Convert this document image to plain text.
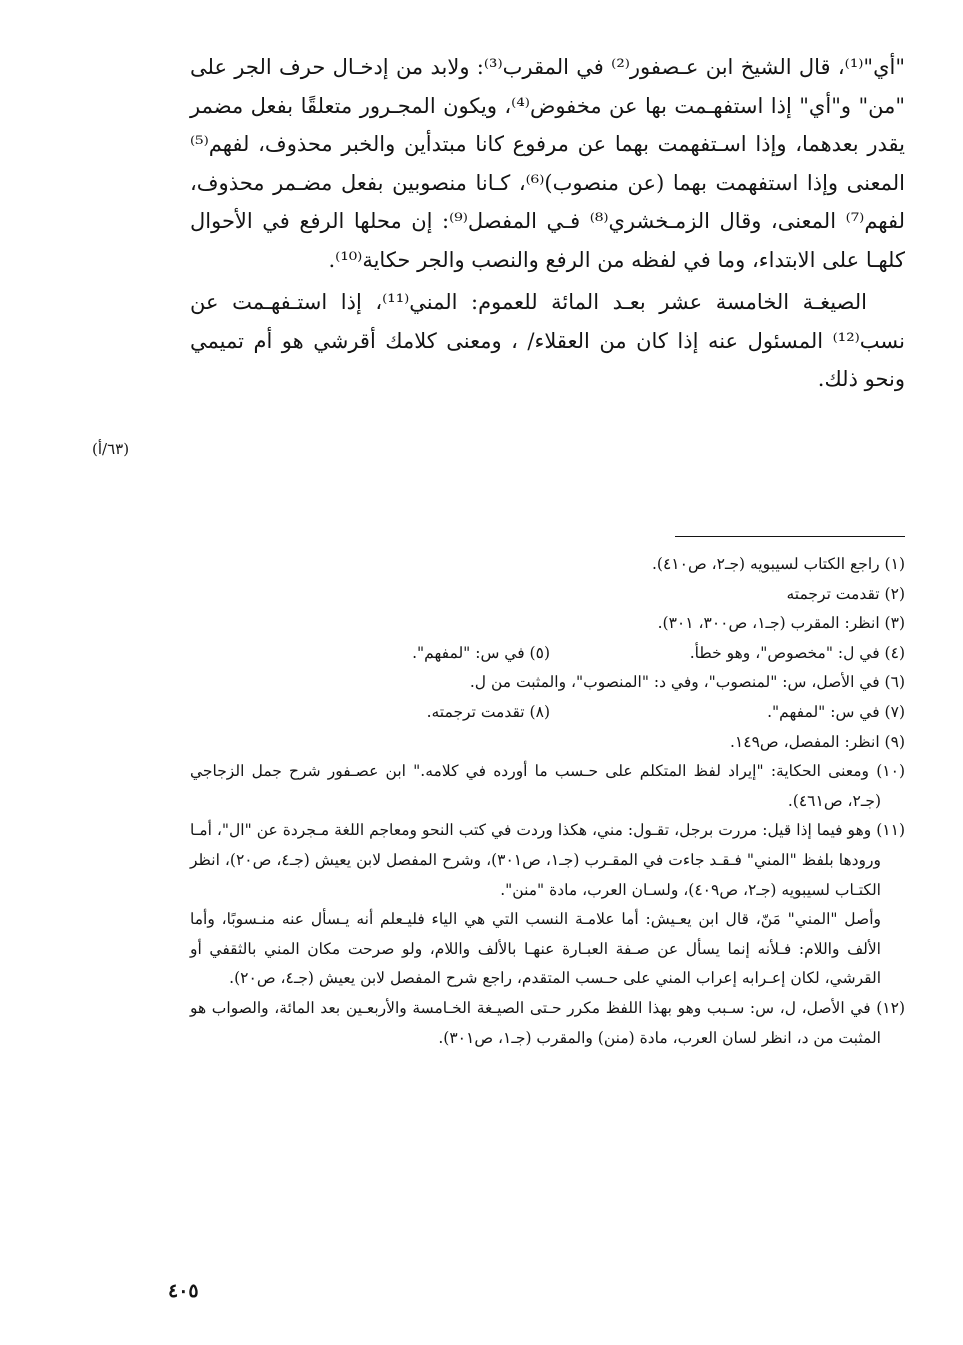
"أي"⁽¹⁾، قال الشيخ ابن عـصفور⁽²⁾ في المقرب⁽³⁾: ولابد من إدخـال حرف الجر على "من" و"أي" إذا استفهـمت بها عن مخفوض⁽⁴⁾، ويكون المجـرور متعلقًا بفعل مضمر يقدر بعدهما، وإذا اسـتفهمت بهما عن مرفوع كانا مبتدأين والخبر محذوف، لفهم⁽⁵⁾ المعنى وإذا استفهمت بهما (عن منصوب)⁽⁶⁾، كـانا منصوبين بفعل مضـمر محذوف، لفهم⁽⁷⁾ المعنى، وقال الزمـخشري⁽⁸⁾ فـي المفصل⁽⁹⁾: إن محلها الرفع في الأحوال كلهـا على الابتداء، وما في لفظه من الرفع والنصب والجر حكاية⁽¹⁰⁾.

الصيغـة الخامسة عشر بعـد المائة للعموم: المني⁽¹¹⁾، إذا استـفهـمت عن نسب⁽¹²⁾ المسئول عنه إذا كان من العقلاء/ ، ومعنى كلامك أقرشي هو أم تميمي ونحو ذلك.

(٦٣/أ)

(١) راجع الكتاب لسيبويه (جـ٢، ص٤١٠).

(٢) تقدمت ترجمته

(٣) انظر: المقرب (جـ١، ص٣٠٠، ٣٠١).

(٤) في ل: "مخصوص"، وهو خطأ.
(٥) في س: "لمفهم".

(٦) في الأصل، س: "لمنصوب"، وفي د: "المنصوب"، والمثبت من ل.

(٧) في س: "لمفهم".
(٨) تقدمت ترجمته.

(٩) انظر: المفصل، ص١٤٩.

(١٠) ومعنى الحكاية: "إيراد لفظ المتكلم على حـسب ما أورده في كلامه." ابن عصـفور شرح جمل الزجاجي (جـ٢، ص٤٦١).

(١١) وهو فيما إذا قيل: مررت برجل، تقـول: مني، هكذا وردت في كتب النحو ومعاجم اللغة مـجردة عن "ال"، أمـا ورودها بلفظ "المني" فـقـد جاءت في المقـرب (جـ١، ص٣٠١)، وشرح المفصل لابن يعيش (جـ٤، ص٢٠)، انظر الكتـاب لسيبويه (جـ٢، ص٤٠٩)، ولسـان العرب، مادة "منن".

وأصل "المني" مَنّ، قال ابن يعـيش: أما علامـة النسب التي هي الياء فليـعلم أنه يـسأل عنه منـسوبًا، وأما الألف واللام: فـلأنه إنما يسأل عن صـفة العبـارة عنهـا بالألف واللام، ولو صرحت مكان المني بالثقفي أو القرشي، لكان إعـرابه إعراب المني على حـسب المتقدم، راجع شرح المفصل لابن يعيش (جـ٤، ص٢٠).

(١٢) في الأصل، ل، س: سـبب وهو بهذا اللفظ مكرر حـتى الصيـغة الخـامسة والأربعـين بعد المائة، والصواب هو المثبت من د، انظر لسان العرب، مادة (منن) والمقرب (جـ١، ص٣٠١).

٤٠٥
